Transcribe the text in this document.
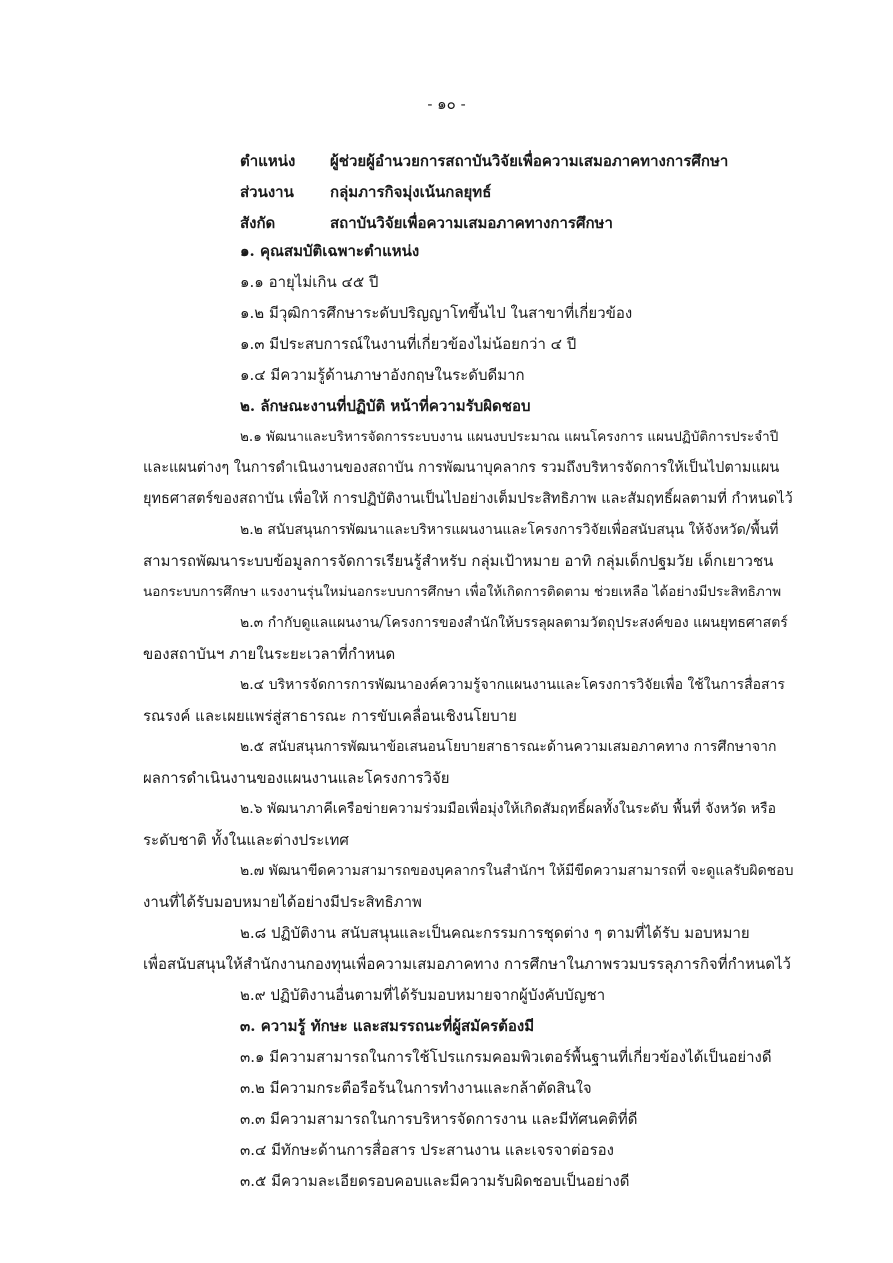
- ๑๐ -
ตำแหน่ง ผู้ช่วยผู้อำนวยการสถาบันวิจัยเพื่อความเสมอภาคทางการศึกษา
ส่วนงาน กลุ่มภารกิจมุ่งเน้นกลยุทธ์
สังกัด	สถาบันวิจัยเพื่อความเสมอภาคทางการศึกษา
๑. คุณสมบัติเฉพาะตำแหน่ง
๑.๑ อายุไม่เกิน ๔๕ ปี
๑.๒ มีวุฒิการศึกษาระดับปริญญาโทขึ้นไป ในสาขาที่เกี่ยวข้อง
๑.๓ มีประสบการณ์ในงานที่เกี่ยวข้องไม่น้อยกว่า ๔ ปี
๑.๔ มีความรู้ด้านภาษาอังกฤษในระดับดีมาก
๒. ลักษณะงานที่ปฏิบัติ หน้าที่ความรับผิดชอบ
๒.๑ พัฒนาและบริหารจัดการระบบงาน แผนงบประมาณ แผนโครงการ แผนปฏิบัติการประจำปี
และแผนต่างๆ ในการดำเนินงานของสถาบัน การพัฒนาบุคลากร รวมถึงบริหารจัดการให้เป็นไปตามแผน
ยุทธศาสตร์ของสถาบัน เพื่อให้ การปฏิบัติงานเป็นไปอย่างเต็มประสิทธิภาพ และสัมฤทธิ์ผลตามที่ กำหนดไว้
๒.๒ สนับสนุนการพัฒนาและบริหารแผนงานและโครงการวิจัยเพื่อสนับสนุน ให้จังหวัด/พื้นที่
สามารถพัฒนาระบบข้อมูลการจัดการเรียนรู้สำหรับ กลุ่มเป้าหมาย อาทิ กลุ่มเด็กปฐมวัย เด็กเยาวชน
นอกระบบการศึกษา แรงงานรุ่นใหม่นอกระบบการศึกษา เพื่อให้เกิดการติดตาม ช่วยเหลือ ได้อย่างมีประสิทธิภาพ
๒.๓ กำกับดูแลแผนงาน/โครงการของสำนักให้บรรลุผลตามวัตถุประสงค์ของ แผนยุทธศาสตร์
ของสถาบันฯ ภายในระยะเวลาที่กำหนด
๒.๔ บริหารจัดการการพัฒนาองค์ความรู้จากแผนงานและโครงการวิจัยเพื่อ ใช้ในการสื่อสาร
รณรงค์ และเผยแพร่สู่สาธารณะ การขับเคลื่อนเชิงนโยบาย
๒.๕ สนับสนุนการพัฒนาข้อเสนอนโยบายสาธารณะด้านความเสมอภาคทาง การศึกษาจาก
ผลการดำเนินงานของแผนงานและโครงการวิจัย
๒.๖ พัฒนาภาคีเครือข่ายความร่วมมือเพื่อมุ่งให้เกิดสัมฤทธิ์ผลทั้งในระดับ พื้นที่ จังหวัด หรือ
ระดับชาติ ทั้งในและต่างประเทศ
๒.๗ พัฒนาขีดความสามารถของบุคลากรในสำนักฯ ให้มีขีดความสามารถที่ จะดูแลรับผิดชอบ
งานที่ได้รับมอบหมายได้อย่างมีประสิทธิภาพ
๒.๘ ปฏิบัติงาน สนับสนุนและเป็นคณะกรรมการชุดต่าง ๆ ตามที่ได้รับ มอบหมาย
เพื่อสนับสนุนให้สำนักงานกองทุนเพื่อความเสมอภาคทาง การศึกษาในภาพรวมบรรลุภารกิจที่กำหนดไว้
๒.๙ ปฏิบัติงานอื่นตามที่ได้รับมอบหมายจากผู้บังคับบัญชา
๓. ความรู้ ทักษะ และสมรรถนะที่ผู้สมัครต้องมี
๓.๑ มีความสามารถในการใช้โปรแกรมคอมพิวเตอร์พื้นฐานที่เกี่ยวข้องได้เป็นอย่างดี
๓.๒ มีความกระตือรือร้นในการทำงานและกล้าตัดสินใจ
๓.๓ มีความสามารถในการบริหารจัดการงาน และมีทัศนคติที่ดี
๓.๔ มีทักษะด้านการสื่อสาร ประสานงาน และเจรจาต่อรอง
๓.๕ มีความละเอียดรอบคอบและมีความรับผิดชอบเป็นอย่างดี
